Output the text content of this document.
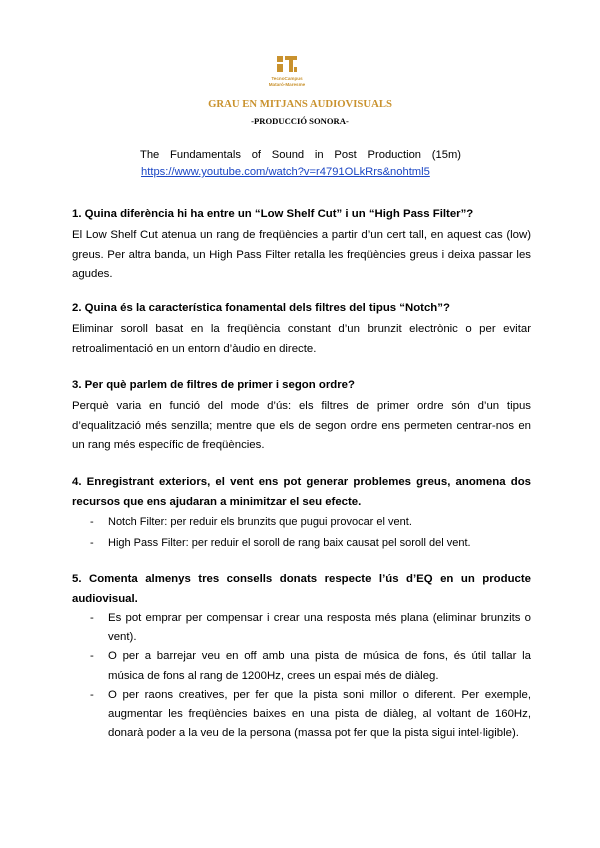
TecnoCampus
Mataró-Maresme
GRAU EN MITJANS AUDIOVISUALS
-PRODUCCIÓ SONORA-
The Fundamentals of Sound in Post Production (15m)
https://www.youtube.com/watch?v=r4791OLkRrs&nohtml5
1. Quina diferència hi ha entre un “Low Shelf Cut” i un “High Pass Filter”?
El Low Shelf Cut atenua un rang de freqüències a partir d’un cert tall, en aquest cas (low)
greus. Per altra banda, un High Pass Filter retalla les freqüències greus i deixa passar les
agudes.
2. Quina és la característica fonamental dels filtres del tipus “Notch”?
Eliminar soroll basat en la freqüència constant d’un brunzit electrònic o per evitar
retroalimentació en un entorn d’àudio en directe.
3. Per què parlem de filtres de primer i segon ordre?
Perquè varia en funció del mode d’ús: els filtres de primer ordre són d’un tipus
d’equalització més senzilla; mentre que els de segon ordre ens permeten centrar-nos en
un rang més específic de freqüències.
4. Enregistrant exteriors, el vent ens pot generar problemes greus, anomena dos
recursos que ens ajudaran a minimitzar el seu efecte.
- Notch Filter: per reduir els brunzits que pugui provocar el vent.
- High Pass Filter: per reduir el soroll de rang baix causat pel soroll del vent.
5. Comenta almenys tres consells donats respecte l’ús d’EQ en un producte
audiovisual.
- Es pot emprar per compensar i crear una resposta més plana (eliminar brunzits o
vent).
- O per a barrejar veu en off amb una pista de música de fons, és útil tallar la
música de fons al rang de 1200Hz, crees un espai més de diàleg.
- O per raons creatives, per fer que la pista soni millor o diferent. Per exemple,
augmentar les freqüències baixes en una pista de diàleg, al voltant de 160Hz,
donarà poder a la veu de la persona (massa pot fer que la pista sigui intel·ligible).
